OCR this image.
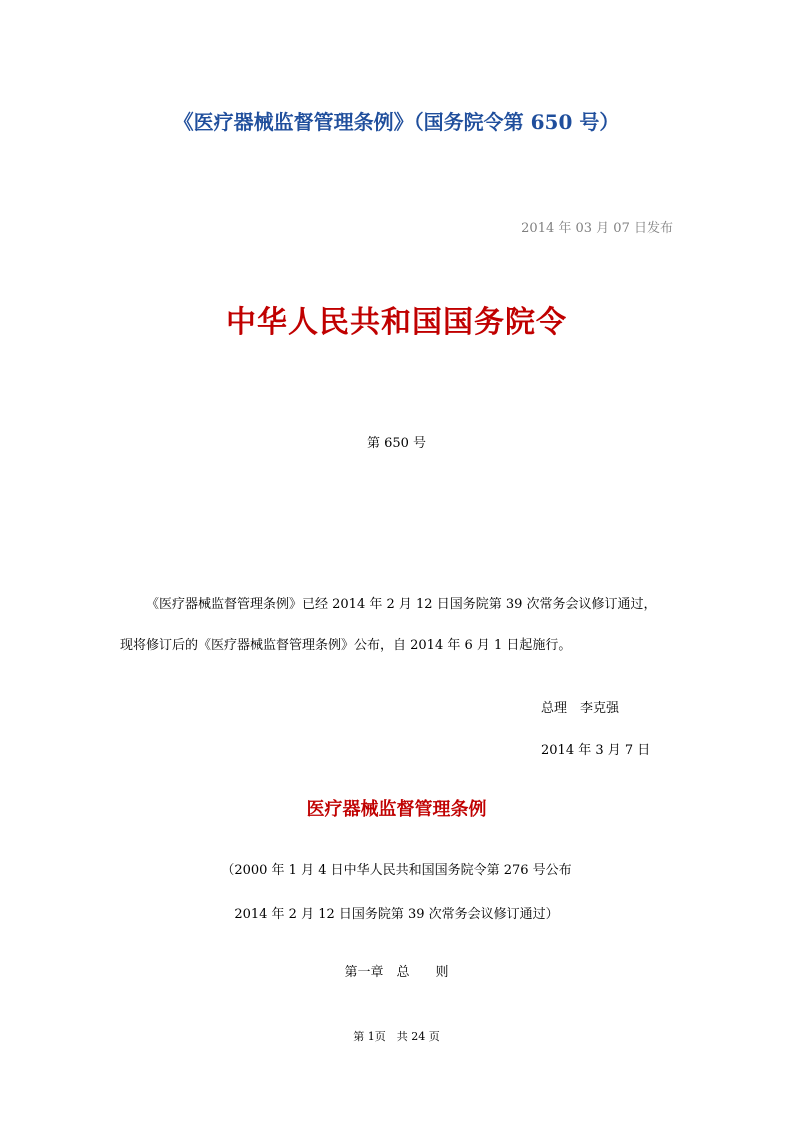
《医疗器械监督管理条例》（国务院令第 650 号）
2014 年 03 月 07 日发布
中华人民共和国国务院令
第 650 号
《医疗器械监督管理条例》已经 2014 年 2 月 12 日国务院第 39 次常务会议修订通过，
现将修订后的《医疗器械监督管理条例》公布，自 2014 年 6 月 1 日起施行。
总理　李克强
2014 年 3 月 7 日
医疗器械监督管理条例
（2000 年 1 月 4 日中华人民共和国国务院令第 276 号公布
2014 年 2 月 12 日国务院第 39 次常务会议修订通过）
第一章　总　　则
第 1页　共 24 页
